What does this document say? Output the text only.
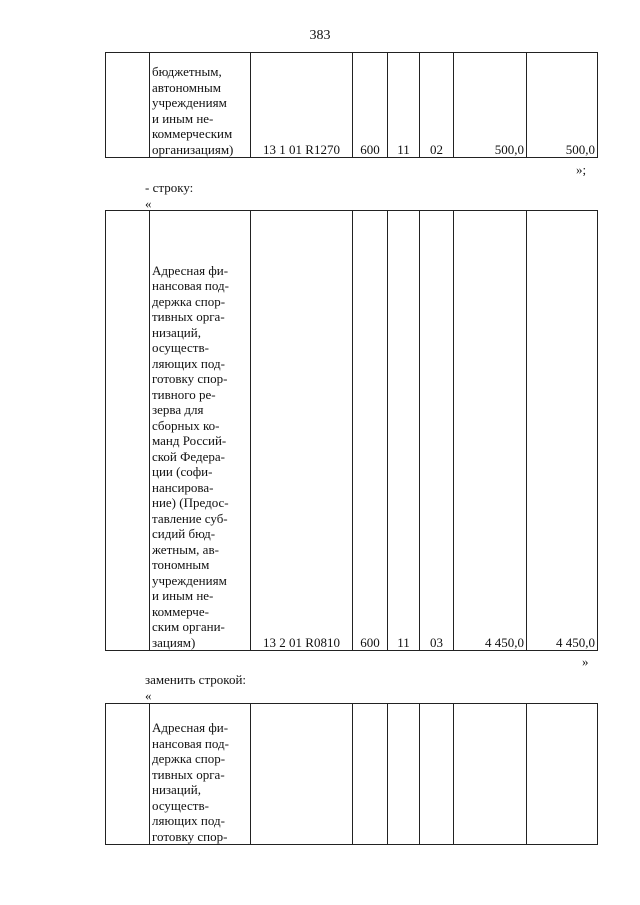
383
	бюджетным,
автономным
учреждениям
и иным не-
коммерческим
организациям)	13 1 01 R1270	600	11	02	500,0	500,0
»;
- строку:
«
	Адресная фи-
нансовая под-
держка спор-
тивных орга-
низаций,
осуществ-
ляющих под-
готовку спор-
тивного ре-
зерва для
сборных ко-
манд Россий-
ской Федера-
ции (софи-
нансирова-
ние) (Предос-
тавление суб-
сидий бюд-
жетным, ав-
тономным
учреждениям
и иным не-
коммерче-
ским органи-
зациям)	13 2 01 R0810	600	11	03	4 450,0	4 450,0
»
заменить строкой:
«
	Адресная фи-
нансовая под-
держка спор-
тивных орга-
низаций,
осуществ-
ляющих под-
готовку спор-						
